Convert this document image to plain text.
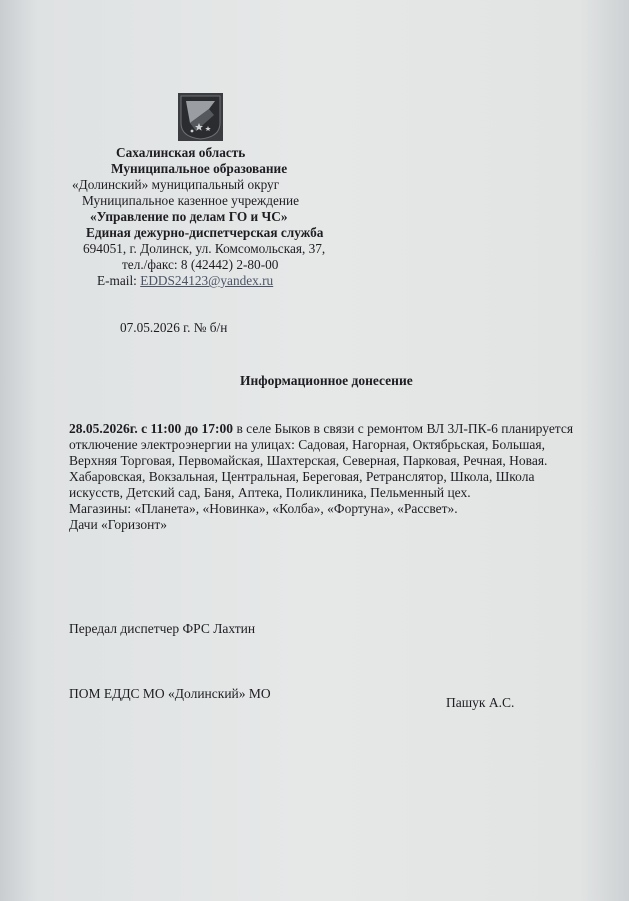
Сахалинская область
Муниципальное образование
«Долинский» муниципальный округ
Муниципальное казенное учреждение
«Управление по делам ГО и ЧС»
Единая дежурно-диспетчерская служба
694051, г. Долинск, ул. Комсомольская, 37,
тел./факс: 8 (42442) 2-80-00
E-mail: EDDS24123@yandex.ru
07.05.2026 г. № б/н
Информационное донесение

28.05.2026г. с 11:00 до 17:00 в селе Быков в связи с ремонтом ВЛ 3Л-ПК-6 планируется отключение электроэнергии на улицах: Садовая, Нагорная, Октябрьская, Большая, Верхняя Торговая, Первомайская, Шахтерская, Северная, Парковая, Речная, Новая. Хабаровская, Вокзальная, Центральная, Береговая, Ретранслятор, Школа, Школа искусств, Детский сад, Баня, Аптека, Поликлиника, Пельменный цех.

Магазины: «Планета», «Новинка», «Колба», «Фортуна», «Рассвет».

Дачи «Горизонт»

Передал диспетчер ФРС Лахтин
ПОМ ЕДДС МО «Долинский» МО
Пашук А.С.
